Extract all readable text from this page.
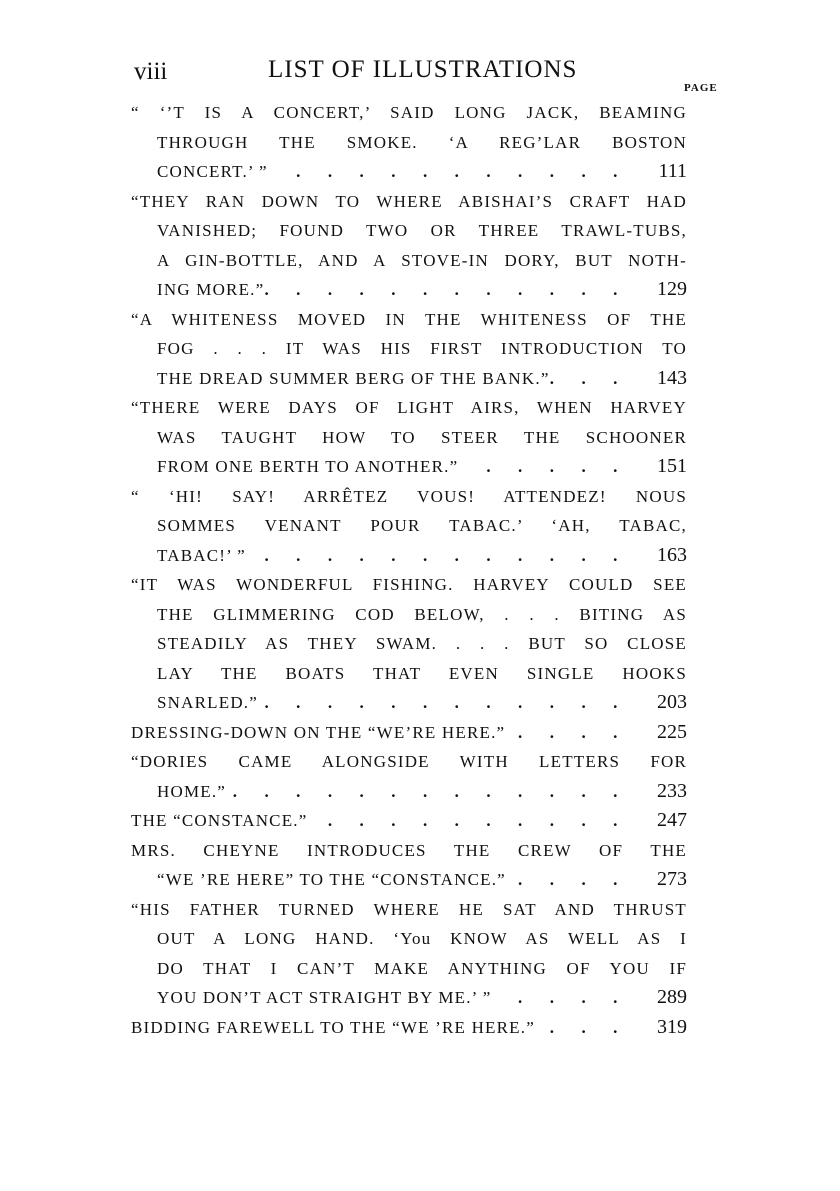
viii	LIST OF ILLUSTRATIONS
PAGE
“ ‘’T IS A CONCERT,’ SAID LONG JACK, BEAMING
THROUGH THE SMOKE. ‘A REG’LAR BOSTON
CONCERT.’ ” . . .	111
“THEY RAN DOWN TO WHERE ABISHAI’S CRAFT HAD
VANISHED; FOUND TWO OR THREE TRAWL-TUBS,
A GIN-BOTTLE, AND A STOVE-IN DORY, BUT NOTH-
ING MORE.” . . .	129
“A WHITENESS MOVED IN THE WHITENESS OF THE
FOG . . . IT WAS HIS FIRST INTRODUCTION TO
THE DREAD SUMMER BERG OF THE BANK.” . . .	143
“THERE WERE DAYS OF LIGHT AIRS, WHEN HARVEY
WAS TAUGHT HOW TO STEER THE SCHOONER
FROM ONE BERTH TO ANOTHER.” . . .	151
“ ‘HI! SAY! ARRÊTEZ VOUS! ATTENDEZ! NOUS
SOMMES VENANT POUR TABAC.’ ‘AH, TABAC,
TABAC!’ ” . . .	163
“IT WAS WONDERFUL FISHING. HARVEY COULD SEE
THE GLIMMERING COD BELOW, . . . BITING AS
STEADILY AS THEY SWAM. . . . BUT SO CLOSE
LAY THE BOATS THAT EVEN SINGLE HOOKS
SNARLED.” . . .	203
DRESSING-DOWN ON THE “WE’RE HERE.” . . .	225
“DORIES CAME ALONGSIDE WITH LETTERS FOR
HOME.” . . .	233
THE “CONSTANCE.” . . .	247
MRS. CHEYNE INTRODUCES THE CREW OF THE
“WE ’RE HERE” TO THE “CONSTANCE.” . . .	273
“HIS FATHER TURNED WHERE HE SAT AND THRUST
OUT A LONG HAND. ‘You KNOW AS WELL AS I
DO THAT I CAN’T MAKE ANYTHING OF YOU IF
YOU DON’T ACT STRAIGHT BY ME.’ ” . . .	289
BIDDING FAREWELL TO THE “WE ’RE HERE.” . . .	319
